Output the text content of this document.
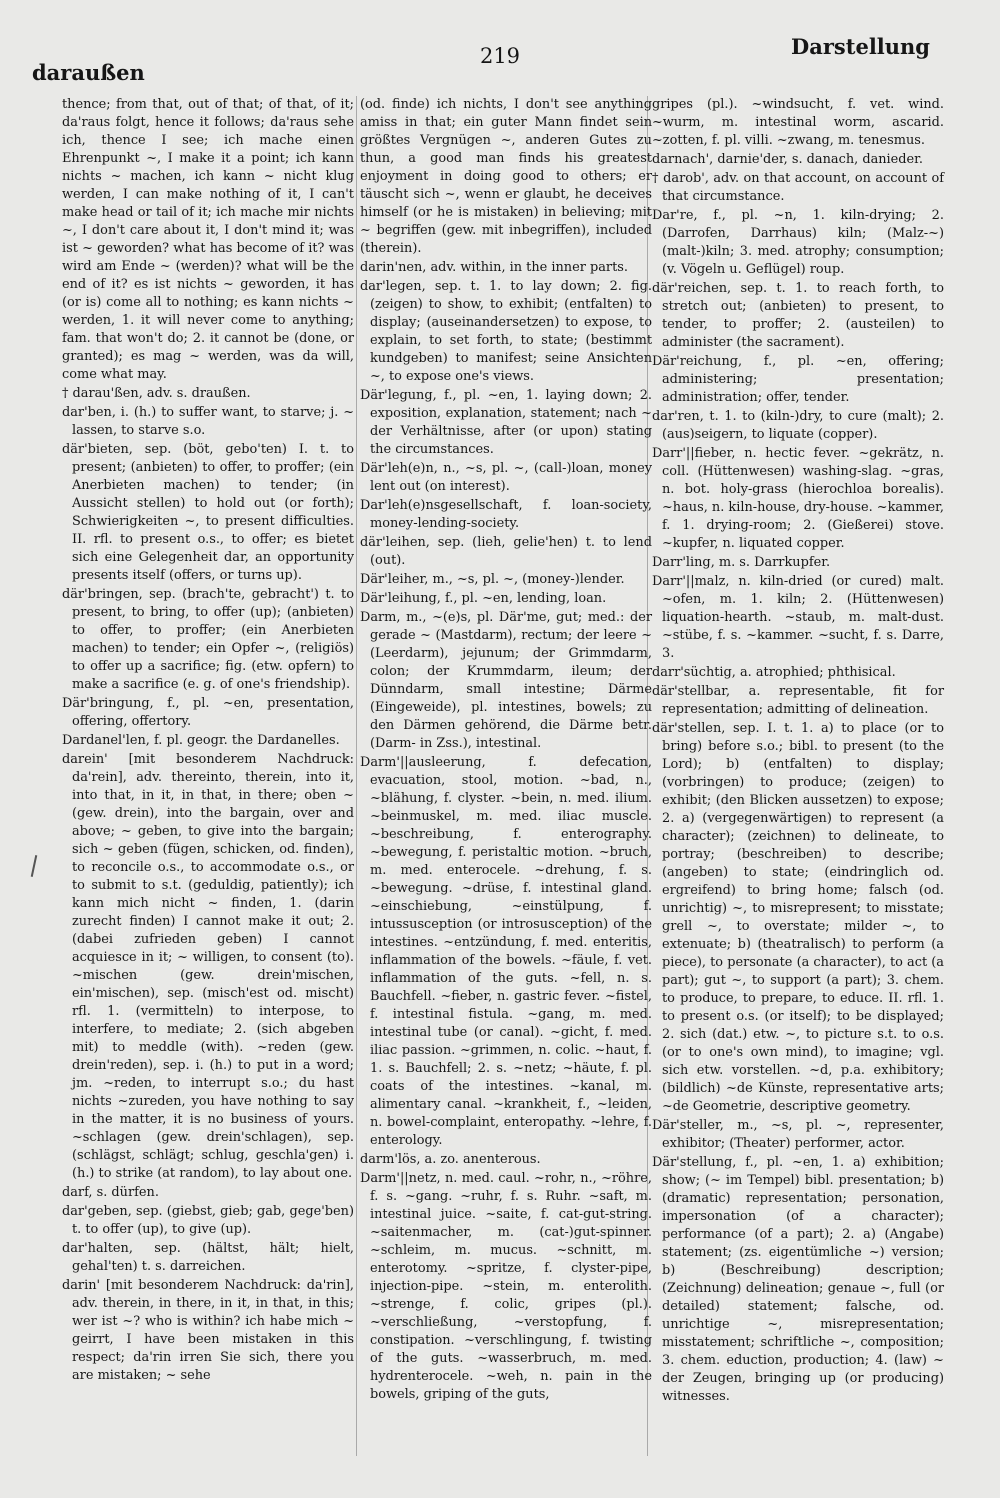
daraußen
219	Darstellung

thence; from that, out of that; of that, of it; da'raus folgt, hence it follows; da'raus sehe ich, thence I see; ich mache einen Ehrenpunkt ~, I make it a point; ich kann nichts ~ machen, ich kann ~ nicht klug werden, I can make nothing of it, I can't make head or tail of it; ich mache mir nichts ~, I don't care about it, I don't mind it; was ist ~ geworden? what has become of it? was wird am Ende ~ (werden)? what will be the end of it? es ist nichts ~ geworden, it has (or is) come all to nothing; es kann nichts ~ werden, 1. it will never come to anything; fam. that won't do; 2. it cannot be (done, or granted); es mag ~ werden, was da will, come what may.

† darau'ßen, adv. s. draußen.

dar'ben, i. (h.) to suffer want, to starve; j. ~ lassen, to starve s.o.

där'bieten, sep. (böt, gebo'ten) I. t. to present; (anbieten) to offer, to proffer; (ein Anerbieten machen) to tender; (in Aussicht stellen) to hold out (or forth); Schwierigkeiten ~, to present difficulties. II. rfl. to present o.s., to offer; es bietet sich eine Gelegenheit dar, an opportunity presents itself (offers, or turns up).

där'bringen, sep. (brach'te, gebracht') t. to present, to bring, to offer (up); (anbieten) to offer, to proffer; (ein Anerbieten machen) to tender; ein Opfer ~, (religiös) to offer up a sacrifice; fig. (etw. opfern) to make a sacrifice (e. g. of one's friendship).

Där'bringung, f., pl. ~en, presentation, offering, offertory.

Dardanel'len, f. pl. geogr. the Dardanelles.

darein' [mit besonderem Nachdruck: da'rein], adv. thereinto, therein, into it, into that, in it, in that, in there; oben ~ (gew. drein), into the bargain, over and above; ~ geben, to give into the bargain; sich ~ geben (fügen, schicken, od. finden), to reconcile o.s., to accommodate o.s., or to submit to s.t. (geduldig, patiently); ich kann mich nicht ~ finden, 1. (darin zurecht finden) I cannot make it out; 2. (dabei zufrieden geben) I cannot acquiesce in it; ~ willigen, to consent (to). ~mischen (gew. drein'mischen, ein'mischen), sep. (misch'est od. mischt) rfl. 1. (vermitteln) to interpose, to interfere, to mediate; 2. (sich abgeben mit) to meddle (with). ~reden (gew. drein'reden), sep. i. (h.) to put in a word; jm. ~reden, to interrupt s.o.; du hast nichts ~zureden, you have nothing to say in the matter, it is no business of yours. ~schlagen (gew. drein'schlagen), sep. (schlägst, schlägt; schlug, geschla'gen) i. (h.) to strike (at random), to lay about one.

darf, s. dürfen.

dar'geben, sep. (giebst, gieb; gab, gege'ben) t. to offer (up), to give (up).

dar'halten, sep. (hältst, hält; hielt, gehal'ten) t. s. darreichen.

darin' [mit besonderem Nachdruck: da'rin], adv. therein, in there, in it, in that, in this; wer ist ~? who is within? ich habe mich ~ geirrt, I have been mistaken in this respect; da'rin irren Sie sich, there you are mistaken; ~ sehe

(od. finde) ich nichts, I don't see anything amiss in that; ein guter Mann findet sein größtes Vergnügen ~, anderen Gutes zu thun, a good man finds his greatest enjoyment in doing good to others; er täuscht sich ~, wenn er glaubt, he deceives himself (or he is mistaken) in believing; mit ~ begriffen (gew. mit inbegriffen), included (therein).

darin'nen, adv. within, in the inner parts.

dar'legen, sep. t. 1. to lay down; 2. fig. (zeigen) to show, to exhibit; (entfalten) to display; (auseinandersetzen) to expose, to explain, to set forth, to state; (bestimmt kundgeben) to manifest; seine Ansichten ~, to expose one's views.

Där'legung, f., pl. ~en, 1. laying down; 2. exposition, explanation, statement; nach ~ der Verhältnisse, after (or upon) stating the circumstances.

Där'leh(e)n, n., ~s, pl. ~, (call-)loan, money lent out (on interest).

Dar'leh(e)nsgesellschaft, f. loan-society, money-lending-society.

där'leihen, sep. (lieh, gelie'hen) t. to lend (out).

Där'leiher, m., ~s, pl. ~, (money-)lender.

Där'leihung, f., pl. ~en, lending, loan.

Darm, m., ~(e)s, pl. Där'me, gut; med.: der gerade ~ (Mastdarm), rectum; der leere ~ (Leerdarm), jejunum; der Grimmdarm, colon; der Krummdarm, ileum; der Dünndarm, small intestine; Därme (Eingeweide), pl. intestines, bowels; zu den Därmen gehörend, die Därme betr. (Darm- in Zss.), intestinal.

Darm'||ausleerung, f. defecation, evacuation, stool, motion. ~bad, n., ~blähung, f. clyster. ~bein, n. med. ilium. ~beinmuskel, m. med. iliac muscle. ~beschreibung, f. enterography. ~bewegung, f. peristaltic motion. ~bruch, m. med. enterocele. ~drehung, f. s. ~bewegung. ~drüse, f. intestinal gland. ~einschiebung, ~einstülpung, f. intussusception (or introsusception) of the intestines. ~entzündung, f. med. enteritis, inflammation of the bowels. ~fäule, f. vet. inflammation of the guts. ~fell, n. s. Bauchfell. ~fieber, n. gastric fever. ~fistel, f. intestinal fistula. ~gang, m. med. intestinal tube (or canal). ~gicht, f. med. iliac passion. ~grimmen, n. colic. ~haut, f. 1. s. Bauchfell; 2. s. ~netz; ~häute, f. pl. coats of the intestines. ~kanal, m. alimentary canal. ~krankheit, f., ~leiden, n. bowel-complaint, enteropathy. ~lehre, f. enterology.

darm'lös, a. zo. anenterous.

Darm'||netz, n. med. caul. ~rohr, n., ~röhre, f. s. ~gang. ~ruhr, f. s. Ruhr. ~saft, m. intestinal juice. ~saite, f. cat-gut-string. ~saitenmacher, m. (cat-)gut-spinner. ~schleim, m. mucus. ~schnitt, m. enterotomy. ~spritze, f. clyster-pipe, injection-pipe. ~stein, m. enterolith. ~strenge, f. colic, gripes (pl.). ~verschließung, ~verstopfung, f. constipation. ~verschlingung, f. twisting of the guts. ~wasserbruch, m. med. hydrenterocele. ~weh, n. pain in the bowels, griping of the guts,

gripes (pl.). ~windsucht, f. vet. wind. ~wurm, m. intestinal worm, ascarid. ~zotten, f. pl. villi. ~zwang, m. tenesmus.

darnach', darnie'der, s. danach, danieder.

† darob', adv. on that account, on account of that circumstance.

Dar're, f., pl. ~n, 1. kiln-drying; 2. (Darrofen, Darrhaus) kiln; (Malz-~) (malt-)kiln; 3. med. atrophy; consumption; (v. Vögeln u. Geflügel) roup.

där'reichen, sep. t. 1. to reach forth, to stretch out; (anbieten) to present, to tender, to proffer; 2. (austeilen) to administer (the sacrament).

Där'reichung, f., pl. ~en, offering; administering; presentation; administration; offer, tender.

dar'ren, t. 1. to (kiln-)dry, to cure (malt); 2. (aus)seigern, to liquate (copper).

Darr'||fieber, n. hectic fever. ~gekrätz, n. coll. (Hüttenwesen) washing-slag. ~gras, n. bot. holy-grass (hierochloa borealis). ~haus, n. kiln-house, dry-house. ~kammer, f. 1. drying-room; 2. (Gießerei) stove. ~kupfer, n. liquated copper.

Darr'ling, m. s. Darrkupfer.

Darr'||malz, n. kiln-dried (or cured) malt. ~ofen, m. 1. kiln; 2. (Hüttenwesen) liquation-hearth. ~staub, m. malt-dust. ~stübe, f. s. ~kammer. ~sucht, f. s. Darre, 3.

darr'süchtig, a. atrophied; phthisical.

där'stellbar, a. representable, fit for representation; admitting of delineation.

där'stellen, sep. I. t. 1. a) to place (or to bring) before s.o.; bibl. to present (to the Lord); b) (entfalten) to display; (vorbringen) to produce; (zeigen) to exhibit; (den Blicken aussetzen) to expose; 2. a) (vergegenwärtigen) to represent (a character); (zeichnen) to delineate, to portray; (beschreiben) to describe; (angeben) to state; (eindringlich od. ergreifend) to bring home; falsch (od. unrichtig) ~, to misrepresent; to misstate; grell ~, to overstate; milder ~, to extenuate; b) (theatralisch) to perform (a piece), to personate (a character), to act (a part); gut ~, to support (a part); 3. chem. to produce, to prepare, to educe. II. rfl. 1. to present o.s. (or itself); to be displayed; 2. sich (dat.) etw. ~, to picture s.t. to o.s. (or to one's own mind), to imagine; vgl. sich etw. vorstellen. ~d, p.a. exhibitory; (bildlich) ~de Künste, representative arts; ~de Geometrie, descriptive geometry.

Där'steller, m., ~s, pl. ~, representer, exhibitor; (Theater) performer, actor.

Där'stellung, f., pl. ~en, 1. a) exhibition; show; (~ im Tempel) bibl. presentation; b) (dramatic) representation; personation, impersonation (of a character); performance (of a part); 2. a) (Angabe) statement; (zs. eigentümliche ~) version; b) (Beschreibung) description; (Zeichnung) delineation; genaue ~, full (or detailed) statement; falsche, od. unrichtige ~, misrepresentation; misstatement; schriftliche ~, composition; 3. chem. eduction, production; 4. (law) ~ der Zeugen, bringing up (or producing) witnesses.
